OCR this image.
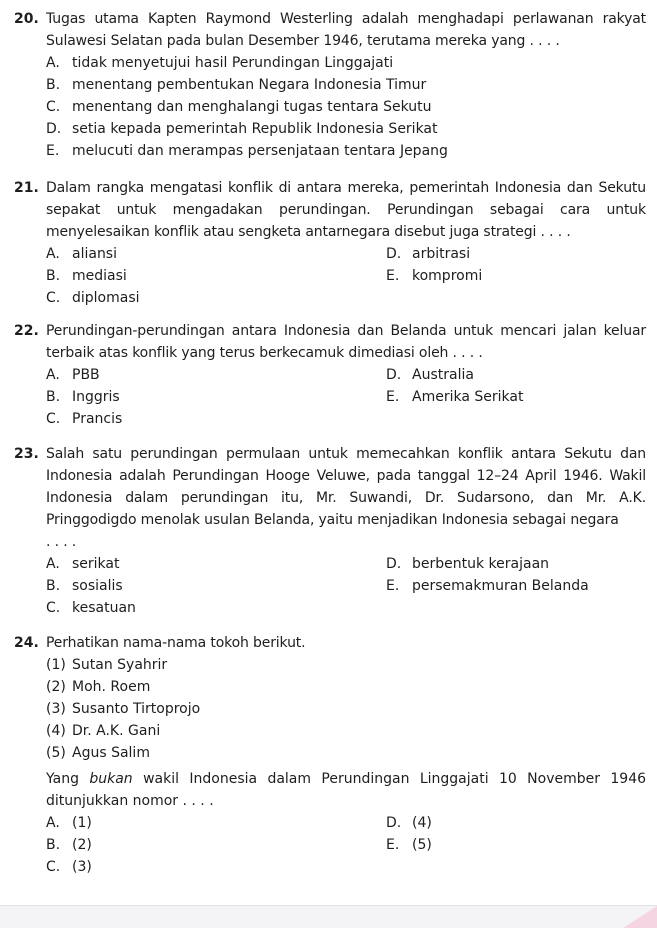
20. Tugas utama Kapten Raymond Westerling adalah menghadapi perlawanan rakyat Sulawesi Selatan pada bulan Desember 1946, terutama mereka yang . . . .
A. tidak menyetujui hasil Perundingan Linggajati
B. menentang pembentukan Negara Indonesia Timur
C. menentang dan menghalangi tugas tentara Sekutu
D. setia kepada pemerintah Republik Indonesia Serikat
E. melucuti dan merampas persenjataan tentara Jepang
21. Dalam rangka mengatasi konflik di antara mereka, pemerintah Indonesia dan Sekutu sepakat untuk mengadakan perundingan. Perundingan sebagai cara untuk menyelesaikan konflik atau sengketa antarnegara disebut juga strategi . . . .
A. aliansi	D. arbitrasi
B. mediasi	E. kompromi
C. diplomasi
22. Perundingan-perundingan antara Indonesia dan Belanda untuk mencari jalan keluar terbaik atas konflik yang terus berkecamuk dimediasi oleh . . . .
A. PBB	D. Australia
B. Inggris	E. Amerika Serikat
C. Prancis
23. Salah satu perundingan permulaan untuk memecahkan konflik antara Sekutu dan Indonesia adalah Perundingan Hooge Veluwe, pada tanggal 12–24 April 1946. Wakil Indonesia dalam perundingan itu, Mr. Suwandi, Dr. Sudarsono, dan Mr. A.K. Pringgodigdo menolak usulan Belanda, yaitu menjadikan Indonesia sebagai negara
. . . .
A. serikat	D. berbentuk kerajaan
B. sosialis	E. persemakmuran Belanda
C. kesatuan
24. Perhatikan nama-nama tokoh berikut.
(1) Sutan Syahrir
(2) Moh. Roem
(3) Susanto Tirtoprojo
(4) Dr. A.K. Gani
(5) Agus Salim
Yang bukan wakil Indonesia dalam Perundingan Linggajati 10 November 1946 ditunjukkan nomor . . . .
A. (1)	D. (4)
B. (2)	E. (5)
C. (3)
